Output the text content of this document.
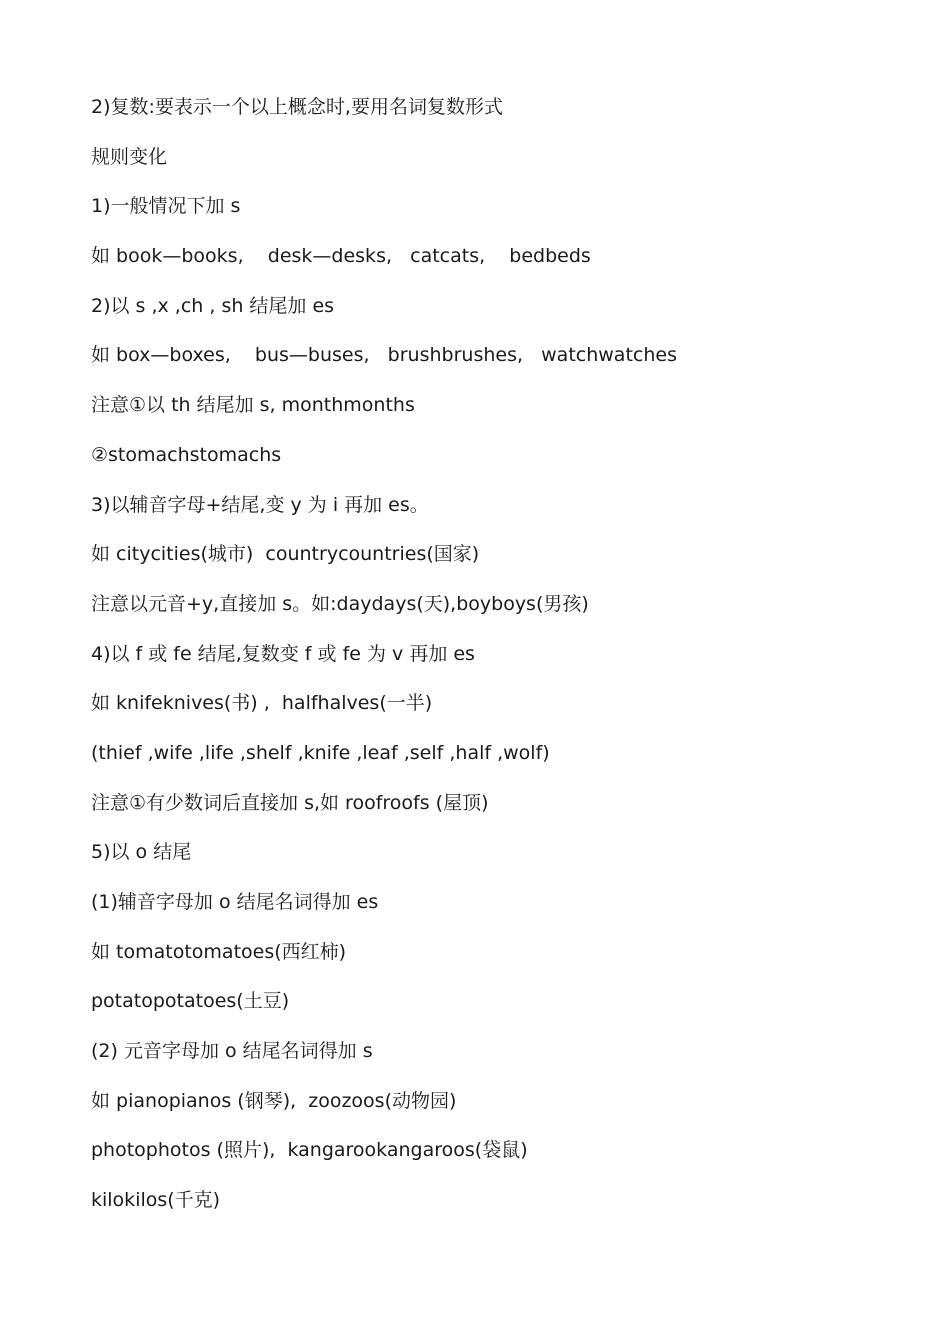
2)复数:要表示一个以上概念时,要用名词复数形式
规则变化
1)一般情况下加 s
如 book—books,    desk—desks,   catcats,    bedbeds
2)以 s ,x ,ch , sh 结尾加 es
如 box—boxes,    bus—buses,   brushbrushes,   watchwatches
注意①以 th 结尾加 s, monthmonths
②stomachstomachs
3)以辅音字母+结尾,变 y 为 i 再加 es。
如 citycities(城市)  countrycountries(国家)
注意以元音+y,直接加 s。如:daydays(天),boyboys(男孩)
4)以 f 或 fe 结尾,复数变 f 或 fe 为 v 再加 es
如 knifeknives(书) ,  halfhalves(一半)
(thief ,wife ,life ,shelf ,knife ,leaf ,self ,half ,wolf)
注意①有少数词后直接加 s,如 roofroofs (屋顶)
5)以 o 结尾
(1)辅音字母加 o 结尾名词得加 es
如 tomatotomatoes(西红柿)
potatopotatoes(土豆)
(2) 元音字母加 o 结尾名词得加 s
如 pianopianos (钢琴),  zoozoos(动物园)
photophotos (照片),  kangarookangaroos(袋鼠)
kilokilos(千克)
